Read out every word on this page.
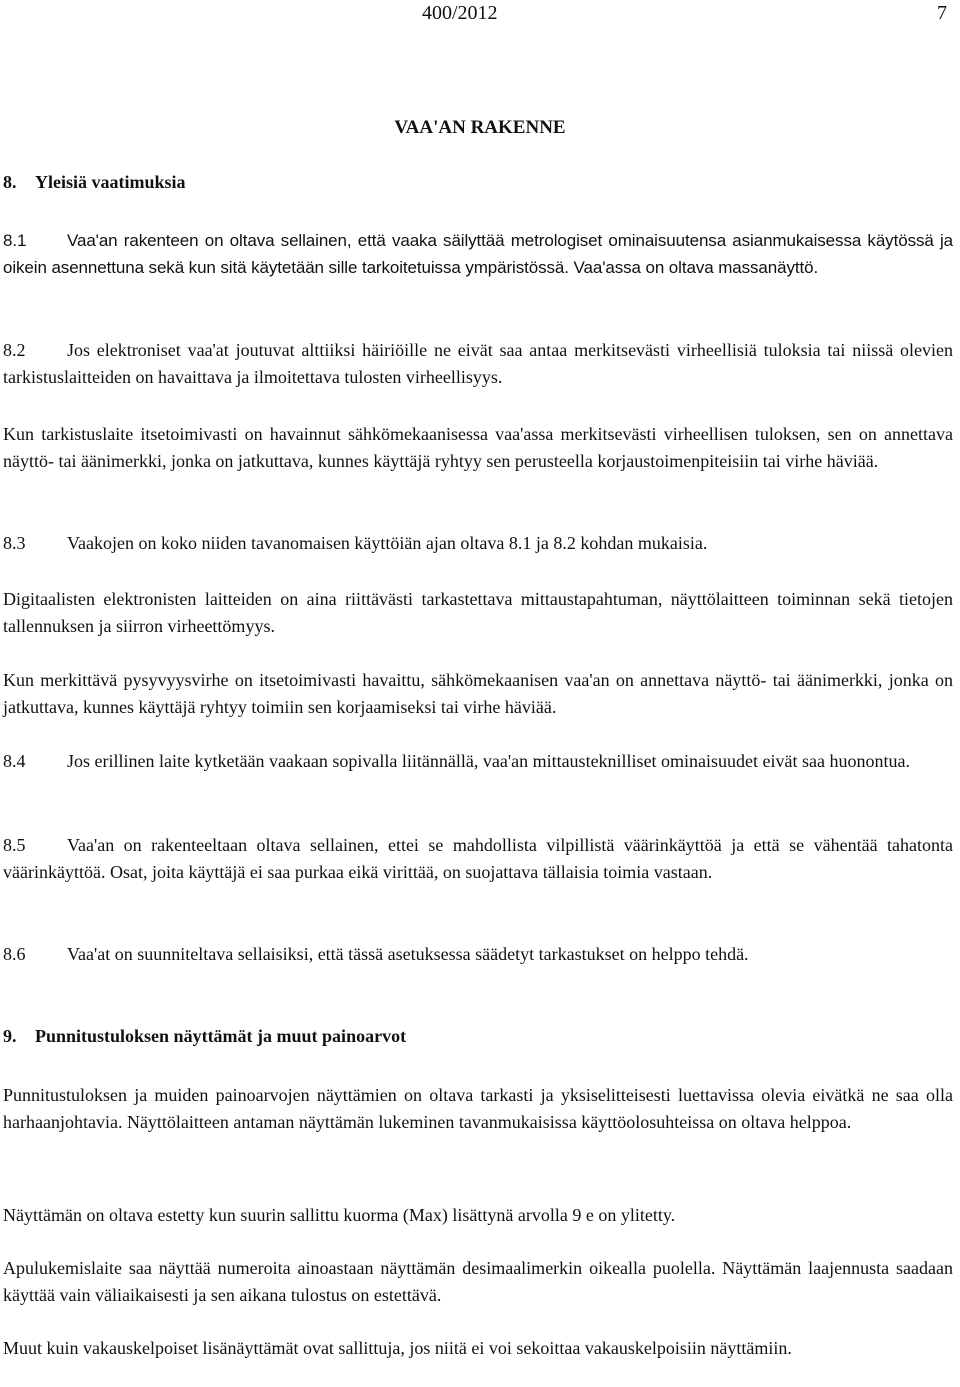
400/2012	7
VAA'AN RAKENNE
8. Yleisiä vaatimuksia
8.1 Vaa'an rakenteen on oltava sellainen, että vaaka säilyttää metrologiset ominaisuutensa asianmukaisessa käytössä ja oikein asennettuna sekä kun sitä käytetään sille tarkoitetuissa ympäristössä. Vaa'assa on oltava massanäyttö.
8.2 Jos elektroniset vaa'at joutuvat alttiiksi häiriöille ne eivät saa antaa merkitsevästi virheellisiä tuloksia tai niissä olevien tarkistuslaitteiden on havaittava ja ilmoitettava tulosten virheellisyys.
Kun tarkistuslaite itsetoimivasti on havainnut sähkömekaanisessa vaa'assa merkitsevästi virheellisen tuloksen, sen on annettava näyttö- tai äänimerkki, jonka on jatkuttava, kunnes käyttäjä ryhtyy sen perusteella korjaustoimenpiteisiin tai virhe häviää.
8.3 Vaakojen on koko niiden tavanomaisen käyttöiän ajan oltava 8.1 ja 8.2 kohdan mukaisia.
Digitaalisten elektronisten laitteiden on aina riittävästi tarkastettava mittaustapahtuman, näyttölaitteen toiminnan sekä tietojen tallennuksen ja siirron virheettömyys.
Kun merkittävä pysyvyysvirhe on itsetoimivasti havaittu, sähkömekaanisen vaa'an on annettava näyttö- tai äänimerkki, jonka on jatkuttava, kunnes käyttäjä ryhtyy toimiin sen korjaamiseksi tai virhe häviää.
8.4 Jos erillinen laite kytketään vaakaan sopivalla liitännällä, vaa'an mittausteknilliset ominaisuudet eivät saa huonontua.
8.5 Vaa'an on rakenteeltaan oltava sellainen, ettei se mahdollista vilpillistä väärinkäyttöä ja että se vähentää tahatonta väärinkäyttöä. Osat, joita käyttäjä ei saa purkaa eikä virittää, on suojattava tällaisia toimia vastaan.
8.6 Vaa'at on suunniteltava sellaisiksi, että tässä asetuksessa säädetyt tarkastukset on helppo tehdä.
9. Punnitustuloksen näyttämät ja muut painoarvot
Punnitustuloksen ja muiden painoarvojen näyttämien on oltava tarkasti ja yksiselitteisesti luettavissa olevia eivätkä ne saa olla harhaanjohtavia. Näyttölaitteen antaman näyttämän lukeminen tavanmukaisissa käyttöolosuhteissa on oltava helppoa.
Näyttämän on oltava estetty kun suurin sallittu kuorma (Max) lisättynä arvolla 9 e on ylitetty.
Apulukemislaite saa näyttää numeroita ainoastaan näyttämän desimaalimerkin oikealla puolella. Näyttämän laajennusta saadaan käyttää vain väliaikaisesti ja sen aikana tulostus on estettävä.
Muut kuin vakauskelpoiset lisänäyttämät ovat sallittuja, jos niitä ei voi sekoittaa vakauskelpoisiin näyttämiin.
